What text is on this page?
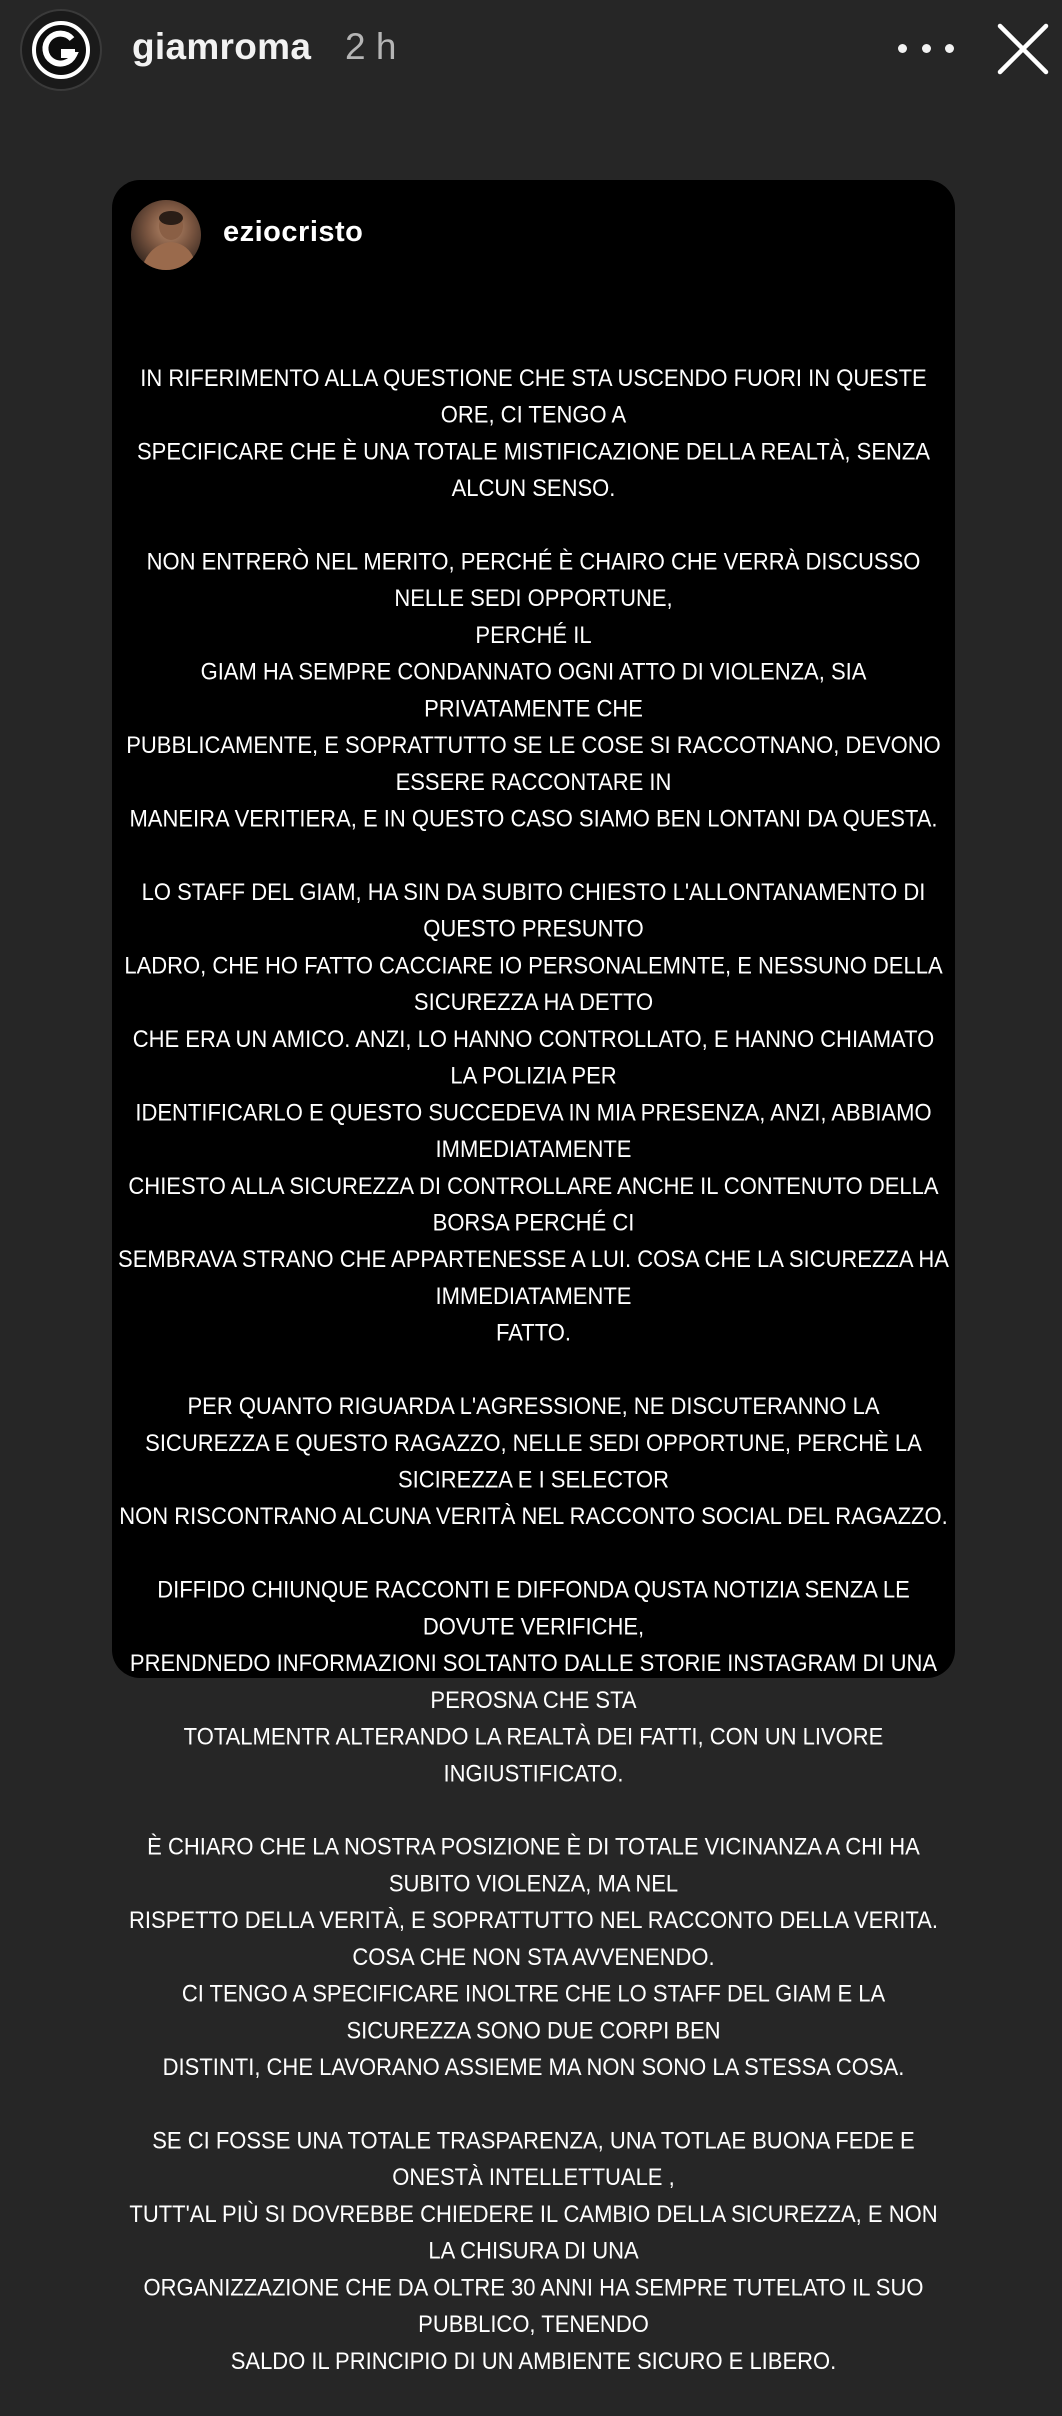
giamroma 2 h
eziocristo

IN RIFERIMENTO ALLA QUESTIONE CHE STA USCENDO FUORI IN QUESTE ORE, CI TENGO A
SPECIFICARE CHE È UNA TOTALE MISTIFICAZIONE DELLA REALTÀ, SENZA ALCUN SENSO.

NON ENTRERÒ NEL MERITO, PERCHÉ È CHAIRO CHE VERRÀ DISCUSSO NELLE SEDI OPPORTUNE,
PERCHÉ IL
GIAM HA SEMPRE CONDANNATO OGNI ATTO DI VIOLENZA, SIA PRIVATAMENTE CHE
PUBBLICAMENTE, E SOPRATTUTTO SE LE COSE SI RACCOTNANO, DEVONO ESSERE RACCONTARE IN
MANEIRA VERITIERA, E IN QUESTO CASO SIAMO BEN LONTANI DA QUESTA.

LO STAFF DEL GIAM, HA SIN DA SUBITO CHIESTO L'ALLONTANAMENTO DI QUESTO PRESUNTO
LADRO, CHE HO FATTO CACCIARE IO PERSONALEMNTE, E NESSUNO DELLA SICUREZZA HA DETTO
CHE ERA UN AMICO. ANZI, LO HANNO CONTROLLATO, E HANNO CHIAMATO LA POLIZIA PER
IDENTIFICARLO E QUESTO SUCCEDEVA IN MIA PRESENZA, ANZI, ABBIAMO IMMEDIATAMENTE
CHIESTO ALLA SICUREZZA DI CONTROLLARE ANCHE IL CONTENUTO DELLA BORSA PERCHÉ CI
SEMBRAVA STRANO CHE APPARTENESSE A LUI. COSA CHE LA SICUREZZA HA IMMEDIATAMENTE
FATTO.

PER QUANTO RIGUARDA L'AGRESSIONE, NE DISCUTERANNO LA
SICUREZZA E QUESTO RAGAZZO, NELLE SEDI OPPORTUNE, PERCHÈ LA SICIREZZA E I SELECTOR
NON RISCONTRANO ALCUNA VERITÀ NEL RACCONTO SOCIAL DEL RAGAZZO.

DIFFIDO CHIUNQUE RACCONTI E DIFFONDA QUSTA NOTIZIA SENZA LE DOVUTE VERIFICHE,
PRENDNEDO INFORMAZIONI SOLTANTO DALLE STORIE INSTAGRAM DI UNA PEROSNA CHE STA
TOTALMENTR ALTERANDO LA REALTÀ DEI FATTI, CON UN LIVORE INGIUSTIFICATO.

È CHIARO CHE LA NOSTRA POSIZIONE È DI TOTALE VICINANZA A CHI HA SUBITO VIOLENZA, MA NEL
RISPETTO DELLA VERITÀ, E SOPRATTUTTO NEL RACCONTO DELLA VERITA.
COSA CHE NON STA AVVENENDO.
CI TENGO A SPECIFICARE INOLTRE CHE LO STAFF DEL GIAM E LA SICUREZZA SONO DUE CORPI BEN
DISTINTI, CHE LAVORANO ASSIEME MA NON SONO LA STESSA COSA.

SE CI FOSSE UNA TOTALE TRASPARENZA, UNA TOTLAE BUONA FEDE E ONESTÀ INTELLETTUALE ,
TUTT'AL PIÙ SI DOVREBBE CHIEDERE IL CAMBIO DELLA SICUREZZA, E NON LA CHISURA DI UNA
ORGANIZZAZIONE CHE DA OLTRE 30 ANNI HA SEMPRE TUTELATO IL SUO PUBBLICO, TENENDO
SALDO IL PRINCIPIO DI UN AMBIENTE SICURO E LIBERO.
